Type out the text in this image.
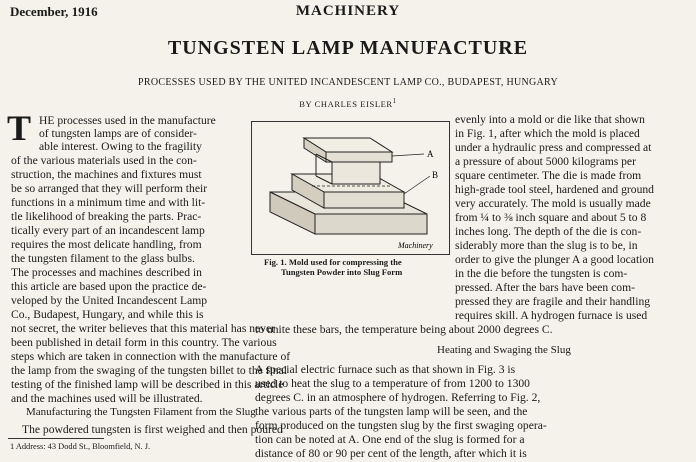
December, 1916	MACHINERY
TUNGSTEN LAMP MANUFACTURE
PROCESSES USED BY THE UNITED INCANDESCENT LAMP CO., BUDAPEST, HUNGARY
BY CHARLES EISLER$^1$
T HE processes used in the manufacture
of tungsten lamps are of consider-
able interest. Owing to the fragility
of the various materials used in the con-
struction, the machines and fixtures must
be so arranged that they will perform their
functions in a minimum time and with lit-
tle likelihood of breaking the parts. Prac-
tically every part of an incandescent lamp
requires the most delicate handling, from
the tungsten filament to the glass bulbs.
The processes and machines described in
this article are based upon the practice de-
veloped by the United Incandescent Lamp
Co., Budapest, Hungary, and while this is
not secret, the writer believes that this material has never
been published in detail form in this country. The various
steps which are taken in connection with the manufacture of
the lamp from the swaging of the tungsten billet to the final
testing of the finished lamp will be described in this article
and the machines used will be illustrated.
Manufacturing the Tungsten Filament from the Slug
The powdered tungsten is first weighed and then poured
1 Address: 43 Dodd St., Bloomfield, N. J.
A
B
Machinery
Fig. 1. Mold used for compressing the
Tungsten Powder into Slug Form
evenly into a mold or die like that shown
in Fig. 1, after which the mold is placed
under a hydraulic press and compressed at
a pressure of about 5000 kilograms per
square centimeter. The die is made from
high-grade tool steel, hardened and ground
very accurately. The mold is usually made
from ¼ to ⅜ inch square and about 5 to 8
inches long. The depth of the die is con-
siderably more than the slug is to be, in
order to give the plunger A a good location
in the die before the tungsten is com-
pressed. After the bars have been com-
pressed they are fragile and their handling
requires skill. A hydrogen furnace is used
to unite these bars, the temperature being about 2000 degrees C.
Heating and Swaging the Slug
A special electric furnace such as that shown in Fig. 3 is
used to heat the slug to a temperature of from 1200 to 1300
degrees C. in an atmosphere of hydrogen. Referring to Fig. 2,
the various parts of the tungsten lamp will be seen, and the
form produced on the tungsten slug by the first swaging opera-
tion can be noted at A. One end of the slug is formed for a
distance of 80 or 90 per cent of the length, after which it is
